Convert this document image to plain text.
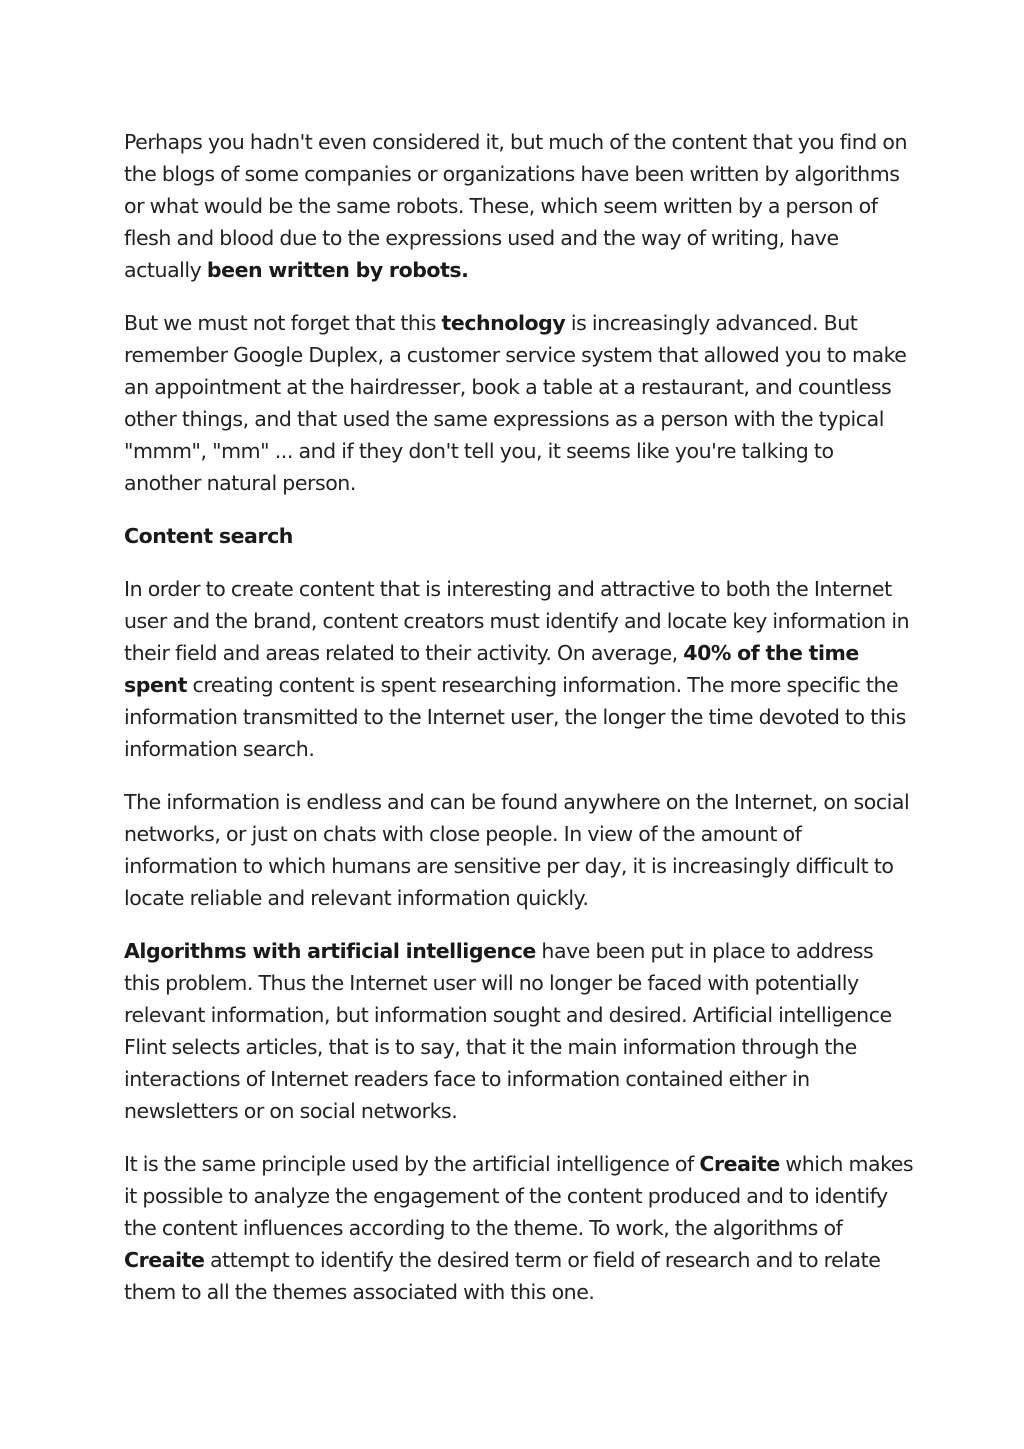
Perhaps you hadn't even considered it, but much of the content that you find on the blogs of some companies or organizations have been written by algorithms or what would be the same robots. These, which seem written by a person of flesh and blood due to the expressions used and the way of writing, have actually been written by robots.

But we must not forget that this technology is increasingly advanced. But remember Google Duplex, a customer service system that allowed you to make an appointment at the hairdresser, book a table at a restaurant, and countless other things, and that used the same expressions as a person with the typical "mmm", "mm" ... and if they don't tell you, it seems like you're talking to another natural person.

Content search

In order to create content that is interesting and attractive to both the Internet user and the brand, content creators must identify and locate key information in their field and areas related to their activity. On average, 40% of the time spent creating content is spent researching information. The more specific the information transmitted to the Internet user, the longer the time devoted to this information search.

The information is endless and can be found anywhere on the Internet, on social networks, or just on chats with close people. In view of the amount of information to which humans are sensitive per day, it is increasingly difficult to locate reliable and relevant information quickly.

Algorithms with artificial intelligence have been put in place to address this problem. Thus the Internet user will no longer be faced with potentially relevant information, but information sought and desired. Artificial intelligence Flint selects articles, that is to say, that it the main information through the interactions of Internet readers face to information contained either in newsletters or on social networks.

It is the same principle used by the artificial intelligence of Creaite which makes it possible to analyze the engagement of the content produced and to identify the content influences according to the theme. To work, the algorithms of Creaite attempt to identify the desired term or field of research and to relate them to all the themes associated with this one.
